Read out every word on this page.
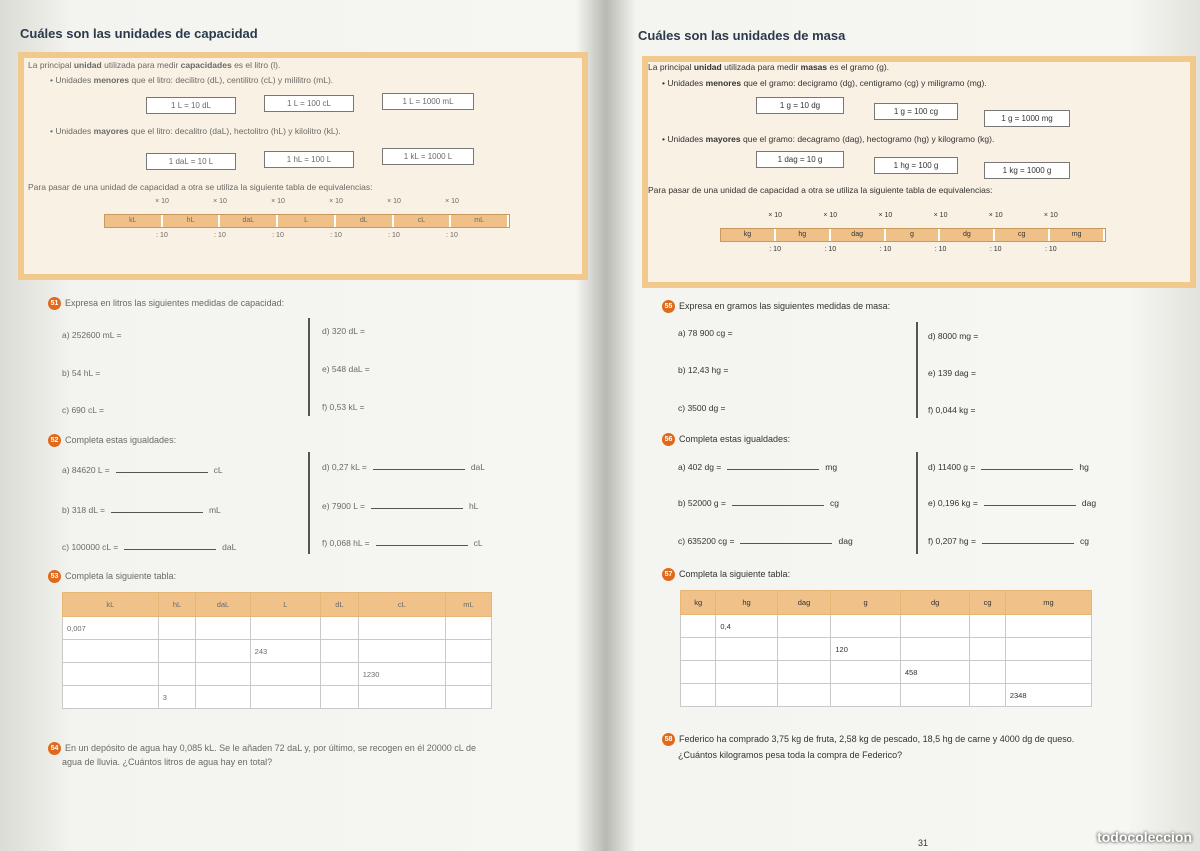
Cuáles son las unidades de capacidad
La principal unidad utilizada para medir capacidades es el litro (l).
• Unidades menores que el litro: decilitro (dL), centilitro (cL) y mililitro (mL).
1 L = 10 dL	1 L = 100 cL	1 L = 1000 mL
• Unidades mayores que el litro: decalitro (daL), hectolitro (hL) y kilolitro (kL).
1 daL = 10 L	1 hL = 100 L	1 kL = 1000 L
Para pasar de una unidad de capacidad a otra se utiliza la siguiente tabla de equivalencias:
× 10	× 10	× 10	× 10	× 10	× 10
kL	hL	daL	L	dL	cL	mL
: 10	: 10	: 10	: 10	: 10	: 10
51 Expresa en litros las siguientes medidas de capacidad:
a) 252600 mL =
b) 54 hL =
c) 690 cL =
d) 320 dL =
e) 548 daL =
f) 0,53 kL =
52 Completa estas igualdades:
a) 84620 L =	cL
b) 318 dL =	mL
c) 100000 cL =	daL
d) 0,27 kL =	daL
e) 7900 L =	hL
f) 0,068 hL =	cL
53 Completa la siguiente tabla:
kL	hL	daL	L	dL	cL	mL
0,007						
			243			
					1230	
	3					
54 En un depósito de agua hay 0,085 kL. Se le añaden 72 daL y, por último, se recogen en él 20000 cL de
agua de lluvia. ¿Cuántos litros de agua hay en total?
Cuáles son las unidades de masa
La principal unidad utilizada para medir masas es el gramo (g).
• Unidades menores que el gramo: decigramo (dg), centigramo (cg) y miligramo (mg).
1 g = 10 dg
1 g = 100 cg
1 g = 1000 mg
• Unidades mayores que el gramo: decagramo (dag), hectogramo (hg) y kilogramo (kg).
1 dag = 10 g
1 hg = 100 g
1 kg = 1000 g
Para pasar de una unidad de capacidad a otra se utiliza la siguiente tabla de equivalencias:
× 10	× 10	× 10	× 10	× 10	× 10
kg	hg	dag	g	dg	cg	mg
: 10	: 10	: 10	: 10	: 10	: 10
55 Expresa en gramos las siguientes medidas de masa:
a) 78 900 cg =
b) 12,43 hg =
c) 3500 dg =
d) 8000 mg =
e) 139 dag =
f) 0,044 kg =
56 Completa estas igualdades:
a) 402 dg =	mg
b) 52000 g =	cg
c) 635200 cg =	dag
d) 11400 g =	hg
e) 0,196 kg =	dag
f) 0,207 hg =	cg
57 Completa la siguiente tabla:
kg	hg	dag	g	dg	cg	mg
	0,4					
			120			
				458		
						2348
58 Federico ha comprado 3,75 kg de fruta, 2,58 kg de pescado, 18,5 hg de carne y 4000 dg de queso.
¿Cuántos kilogramos pesa toda la compra de Federico?
31	todocoleccion
